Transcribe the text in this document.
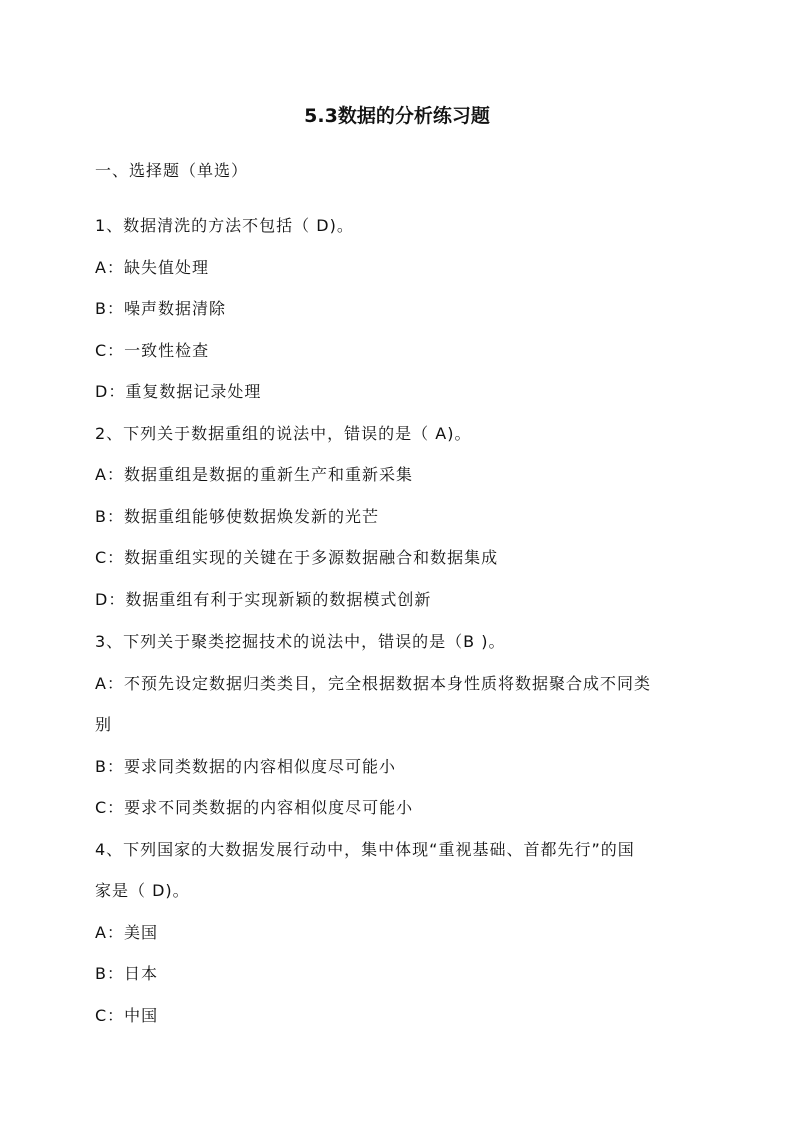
5.3数据的分析练习题
一、选择题（单选）
1、数据清洗的方法不包括（ D)。
A：缺失值处理
B：噪声数据清除
C：一致性检查
D：重复数据记录处理
2、下列关于数据重组的说法中，错误的是（ A)。
A：数据重组是数据的重新生产和重新采集
B：数据重组能够使数据焕发新的光芒
C：数据重组实现的关键在于多源数据融合和数据集成
D：数据重组有利于实现新颖的数据模式创新
3、下列关于聚类挖掘技术的说法中，错误的是（B )。
A：不预先设定数据归类类目，完全根据数据本身性质将数据聚合成不同类
别
B：要求同类数据的内容相似度尽可能小
C：要求不同类数据的内容相似度尽可能小
4、下列国家的大数据发展行动中，集中体现“重视基础、首都先行”的国
家是（ D)。
A：美国
B：日本
C：中国
